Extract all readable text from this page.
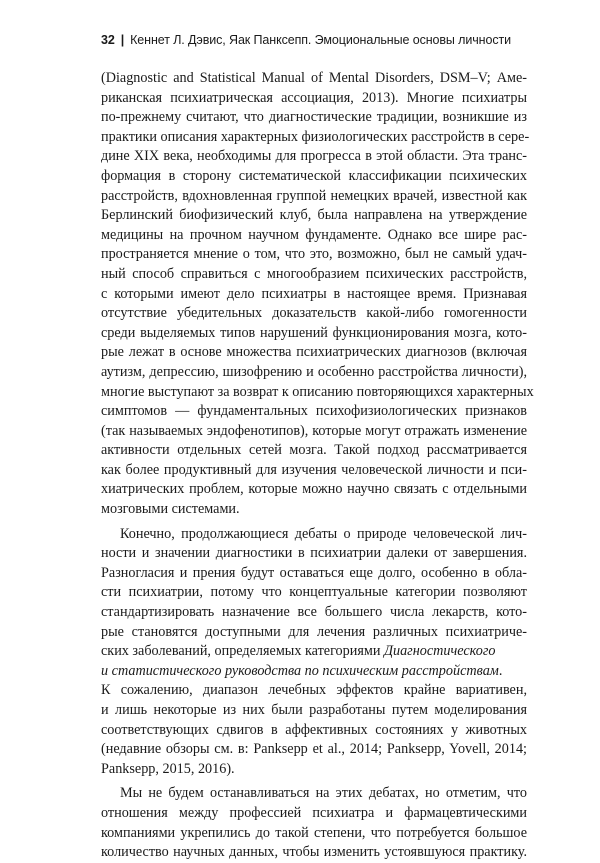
32 | Кеннет Л. Дэвис, Яак Панксепп. Эмоциональные основы личности
(Diagnostic and Statistical Manual of Mental Disorders, DSM–V; Аме-
риканская психиатрическая ассоциация, 2013). Многие психиатры
по-прежнему считают, что диагностические традиции, возникшие из
практики описания характерных физиологических расстройств в сере-
дине XIX века, необходимы для прогресса в этой области. Эта транс-
формация в сторону систематической классификации психических
расстройств, вдохновленная группой немецких врачей, известной как
Берлинский биофизический клуб, была направлена на утверждение
медицины на прочном научном фундаменте. Однако все шире рас-
пространяется мнение о том, что это, возможно, был не самый удач-
ный способ справиться с многообразием психических расстройств,
с которыми имеют дело психиатры в настоящее время. Признавая
отсутствие убедительных доказательств какой-либо гомогенности
среди выделяемых типов нарушений функционирования мозга, кото-
рые лежат в основе множества психиатрических диагнозов (включая
аутизм, депрессию, шизофрению и особенно расстройства личности),
многие выступают за возврат к описанию повторяющихся характерных
симптомов — фундаментальных психофизиологических признаков
(так называемых эндофенотипов), которые могут отражать изменение
активности отдельных сетей мозга. Такой подход рассматривается
как более продуктивный для изучения человеческой личности и пси-
хиатрических проблем, которые можно научно связать с отдельными
мозговыми системами.
Конечно, продолжающиеся дебаты о природе человеческой лич-
ности и значении диагностики в психиатрии далеки от завершения.
Разногласия и прения будут оставаться еще долго, особенно в обла-
сти психиатрии, потому что концептуальные категории позволяют
стандартизировать назначение все большего числа лекарств, кото-
рые становятся доступными для лечения различных психиатриче-
ских заболеваний, определяемых категориями Диагностического
и статистического руководства по психическим расстройствам.
К сожалению, диапазон лечебных эффектов крайне вариативен,
и лишь некоторые из них были разработаны путем моделирования
соответствующих сдвигов в аффективных состояниях у животных
(недавние обзоры см. в: Panksepp et al., 2014; Panksepp, Yovell, 2014;
Panksepp, 2015, 2016).
Мы не будем останавливаться на этих дебатах, но отметим, что
отношения между профессией психиатра и фармацевтическими
компаниями укрепились до такой степени, что потребуется большое
количество научных данных, чтобы изменить устоявшуюся практику.
